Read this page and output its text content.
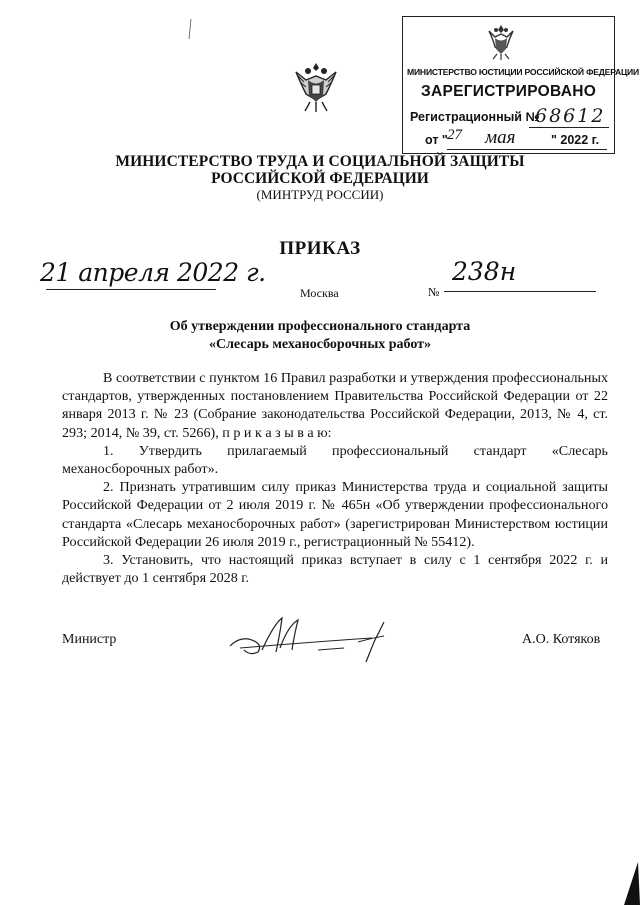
МИНИСТЕРСТВО ЮСТИЦИИ РОССИЙСКОЙ ФЕДЕРАЦИИ
ЗАРЕГИСТРИРОВАНО
Регистрационный №
68612
от " 27 мая	" 2022 г.
МИНИСТЕРСТВО ТРУДА И СОЦИАЛЬНОЙ ЗАЩИТЫ
РОССИЙСКОЙ ФЕДЕРАЦИИ
(МИНТРУД РОССИИ)
ПРИКАЗ
21 апреля 2022 г.
Москва	№
238н
Об утверждении профессионального стандарта
«Слесарь механосборочных работ»

В соответствии с пунктом 16 Правил разработки и утверждения профессиональных стандартов, утвержденных постановлением Правительства Российской Федерации от 22 января 2013 г. № 23 (Собрание законодательства Российской Федерации, 2013, № 4, ст. 293; 2014, № 39, ст. 5266), п р и к а з ы в а ю:

1. Утвердить прилагаемый профессиональный стандарт «Слесарь механосборочных работ».

2. Признать утратившим силу приказ Министерства труда и социальной защиты Российской Федерации от 2 июля 2019 г. № 465н «Об утверждении профессионального стандарта «Слесарь механосборочных работ» (зарегистрирован Министерством юстиции Российской Федерации 26 июля 2019 г., регистрационный № 55412).

3. Установить, что настоящий приказ вступает в силу с 1 сентября 2022 г. и действует до 1 сентября 2028 г.

Министр	А.О. Котяков
